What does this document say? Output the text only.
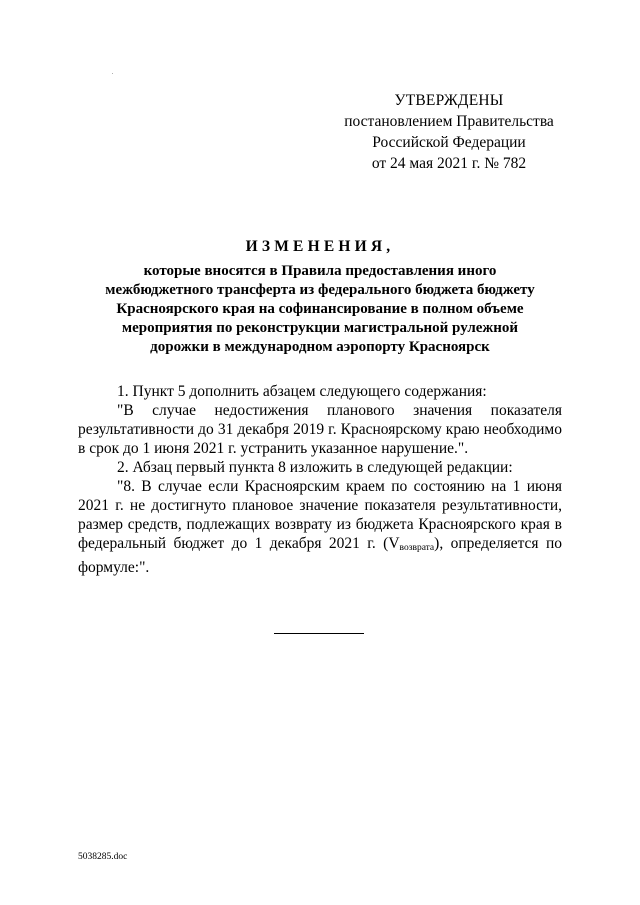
УТВЕРЖДЕНЫ
постановлением Правительства
Российской Федерации
от 24 мая 2021 г. № 782
ИЗМЕНЕНИЯ,
которые вносятся в Правила предоставления иного межбюджетного трансферта из федерального бюджета бюджету Красноярского края на софинансирование в полном объеме мероприятия по реконструкции магистральной рулежной дорожки в международном аэропорту Красноярск

1. Пункт 5 дополнить абзацем следующего содержания:

"В случае недостижения планового значения показателя результативности до 31 декабря 2019 г. Красноярскому краю необходимо в срок до 1 июня 2021 г. устранить указанное нарушение.".

2. Абзац первый пункта 8 изложить в следующей редакции:

"8. В случае если Красноярским краем по состоянию на 1 июня 2021 г. не достигнуто плановое значение показателя результативности, размер средств, подлежащих возврату из бюджета Красноярского края в федеральный бюджет до 1 декабря 2021 г. $(V_{возврата})$, определяется по формуле:".

5038285.doc
